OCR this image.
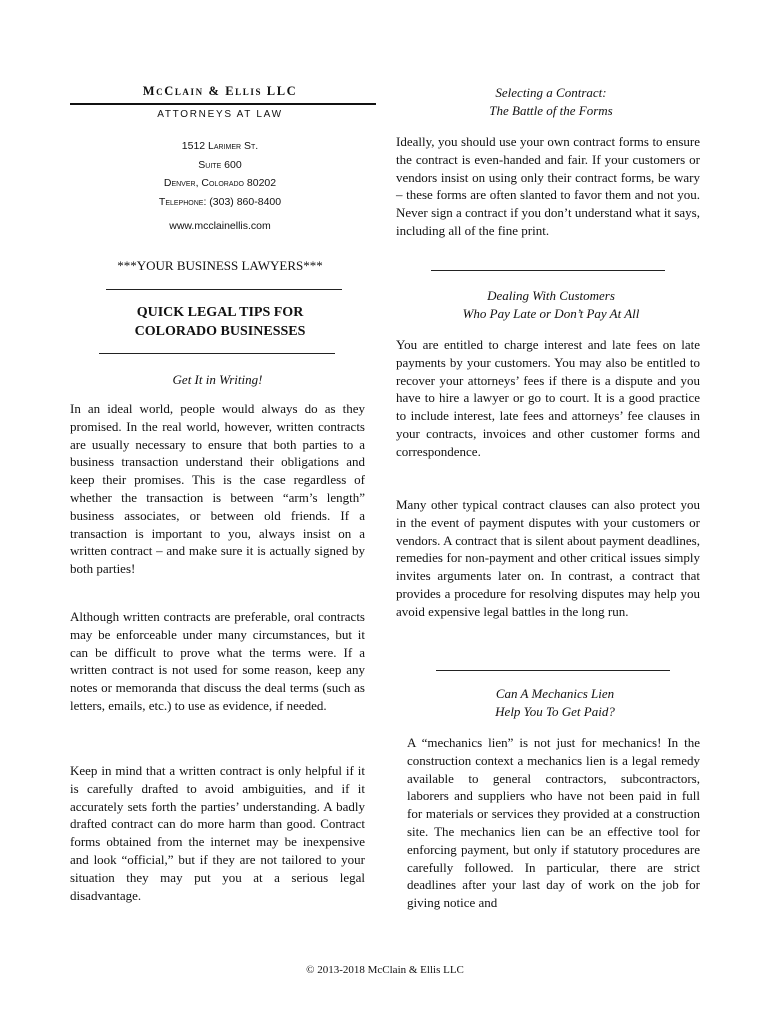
McClain & Ellis LLC
ATTORNEYS AT LAW
1512 Larimer St.
Suite 600
Denver, Colorado 80202
Telephone: (303) 860-8400
www.mcclainellis.com
***YOUR BUSINESS LAWYERS***
QUICK LEGAL TIPS FOR
COLORADO BUSINESSES
Get It in Writing!

In an ideal world, people would always do as they promised. In the real world, however, written contracts are usually necessary to ensure that both parties to a business transaction understand their obligations and keep their promises. This is the case regardless of whether the transaction is between “arm’s length” business associates, or between old friends. If a transaction is important to you, always insist on a written contract – and make sure it is actually signed by both parties!

Although written contracts are preferable, oral contracts may be enforceable under many circumstances, but it can be difficult to prove what the terms were. If a written contract is not used for some reason, keep any notes or memoranda that discuss the deal terms (such as letters, emails, etc.) to use as evidence, if needed.

Keep in mind that a written contract is only helpful if it is carefully drafted to avoid ambiguities, and if it accurately sets forth the parties’ understanding. A badly drafted contract can do more harm than good. Contract forms obtained from the internet may be inexpensive and look “official,” but if they are not tailored to your situation they may put you at a serious legal disadvantage.

Selecting a Contract:
The Battle of the Forms

Ideally, you should use your own contract forms to ensure the contract is even-handed and fair. If your customers or vendors insist on using only their contract forms, be wary – these forms are often slanted to favor them and not you. Never sign a contract if you don’t understand what it says, including all of the fine print.

Dealing With Customers
Who Pay Late or Don’t Pay At All

You are entitled to charge interest and late fees on late payments by your customers. You may also be entitled to recover your attorneys’ fees if there is a dispute and you have to hire a lawyer or go to court. It is a good practice to include interest, late fees and attorneys’ fee clauses in your contracts, invoices and other customer forms and correspondence.

Many other typical contract clauses can also protect you in the event of payment disputes with your customers or vendors. A contract that is silent about payment deadlines, remedies for non-payment and other critical issues simply invites arguments later on. In contrast, a contract that provides a procedure for resolving disputes may help you avoid expensive legal battles in the long run.

Can A Mechanics Lien
Help You To Get Paid?

A “mechanics lien” is not just for mechanics! In the construction context a mechanics lien is a legal remedy available to general contractors, subcontractors, laborers and suppliers who have not been paid in full for materials or services they provided at a construction site. The mechanics lien can be an effective tool for enforcing payment, but only if statutory procedures are carefully followed. In particular, there are strict deadlines after your last day of work on the job for giving notice and

© 2013-2018 McClain & Ellis LLC
